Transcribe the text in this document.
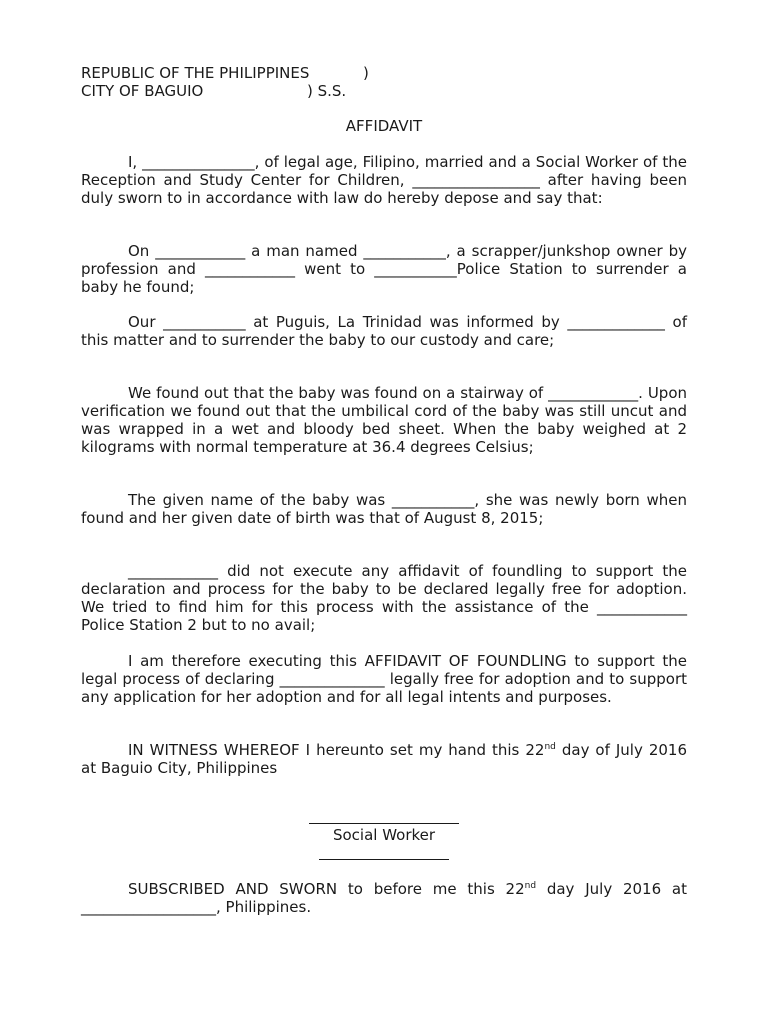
REPUBLIC OF THE PHILIPPINES	)
CITY OF BAGUIO	) S.S.
AFFIDAVIT

I, _______________, of legal age, Filipino, married and a Social Worker of the Reception and Study Center for Children, _________________ after having been duly sworn to in accordance with law do hereby depose and say that:

On ____________ a man named ___________, a scrapper/junkshop owner by profession and ____________ went to ___________Police Station to surrender a baby he found;

Our ___________ at Puguis, La Trinidad was informed by _____________ of this matter and to surrender the baby to our custody and care;

We found out that the baby was found on a stairway of ____________. Upon verification we found out that the umbilical cord of the baby was still uncut and was wrapped in a wet and bloody bed sheet. When the baby weighed at 2 kilograms with normal temperature at 36.4 degrees Celsius;

The given name of the baby was ___________, she was newly born when found and her given date of birth was that of August 8, 2015;

____________ did not execute any affidavit of foundling to support the declaration and process for the baby to be declared legally free for adoption. We tried to find him for this process with the assistance of the ____________ Police Station 2 but to no avail;

I am therefore executing this AFFIDAVIT OF FOUNDLING to support the legal process of declaring ______________ legally free for adoption and to support any application for her adoption and for all legal intents and purposes.

IN WITNESS WHEREOF I hereunto set my hand this 22nd day of July 2016 at Baguio City, Philippines

Social Worker

SUBSCRIBED AND SWORN to before me this 22nd day July 2016 at __________________, Philippines.
